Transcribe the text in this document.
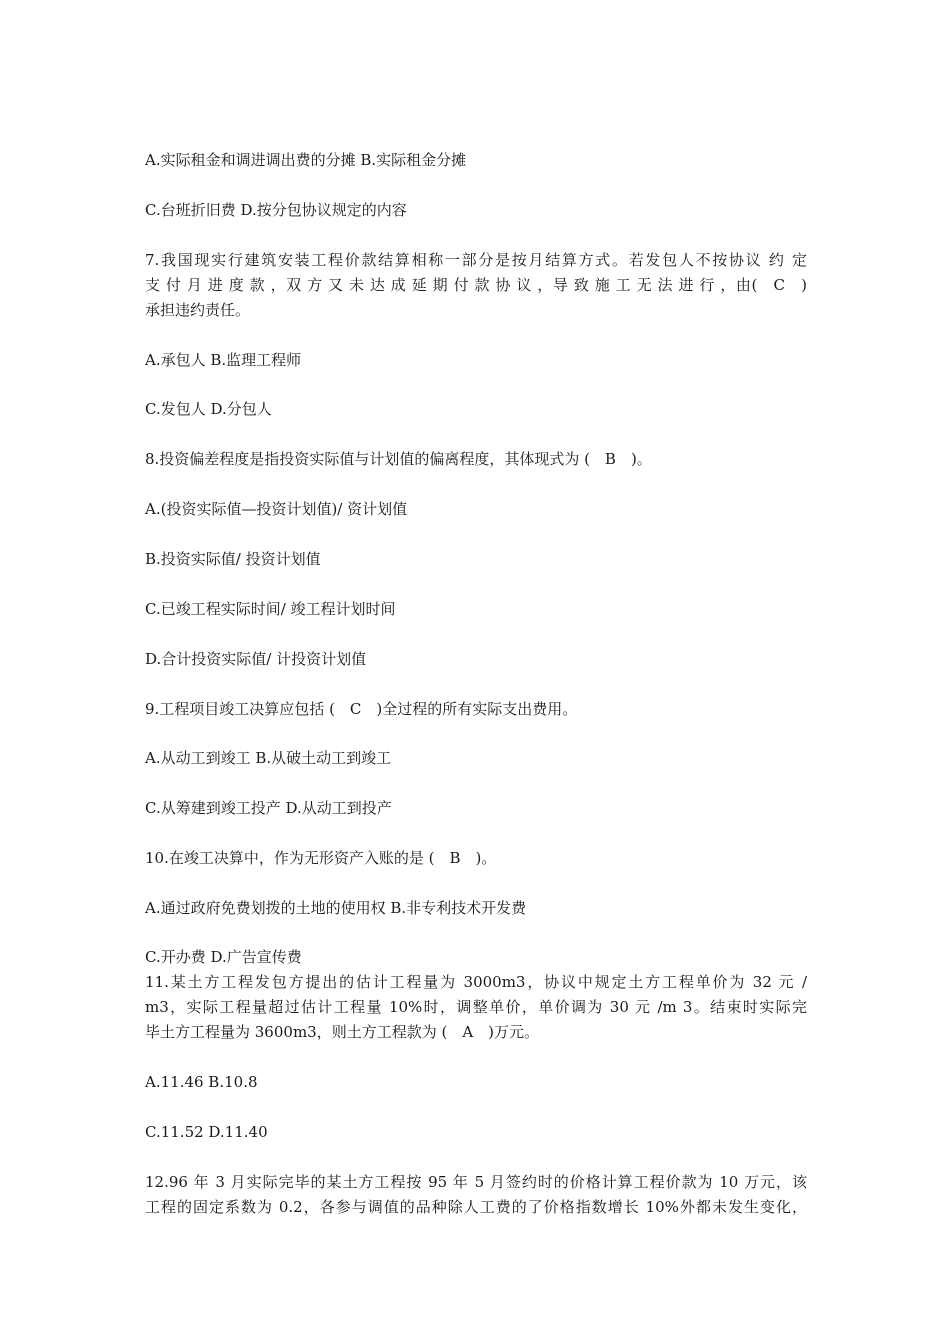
A.实际租金和调进调出费的分摊 B.实际租金分摊
C.台班折旧费 D.按分包协议规定的内容
7.我国现实行建筑安装工程价款结算相称一部分是按月结算方式。若发包人不按协议 约 定
支 付 月 进 度 款 ，双 方 又 未 达 成 延 期 付 款 协 议 ，导 致 施 工 无 法 进 行 ，由(　C　)
承担违约责任。
A.承包人 B.监理工程师
C.发包人 D.分包人
8.投资偏差程度是指投资实际值与计划值的偏离程度，其体现式为 (　B　)。
A.(投资实际值—投资计划值)/ 资计划值
B.投资实际值/ 投资计划值
C.已竣工程实际时间/ 竣工程计划时间
D.合计投资实际值/ 计投资计划值
9.工程项目竣工决算应包括 (　C　)全过程的所有实际支出费用。
A.从动工到竣工 B.从破土动工到竣工
C.从筹建到竣工投产 D.从动工到投产
10.在竣工决算中，作为无形资产入账的是 (　B　)。
A.通过政府免费划拨的土地的使用权 B.非专利技术开发费
C.开办费 D.广告宣传费
11.某土方工程发包方提出的估计工程量为 3000m3，协议中规定土方工程单价为 32 元 /
m3，实际工程量超过估计工程量 10%时，调整单价，单价调为 30 元 /m 3。结束时实际完
毕土方工程量为 3600m3，则土方工程款为 (　A　)万元。
A.11.46 B.10.8
C.11.52 D.11.40
12.96 年 3 月实际完毕的某土方工程按 95 年 5 月签约时的价格计算工程价款为 10 万元，该
工程的固定系数为 0.2，各参与调值的品种除人工费的了价格指数增长 10%外都未发生变化，
